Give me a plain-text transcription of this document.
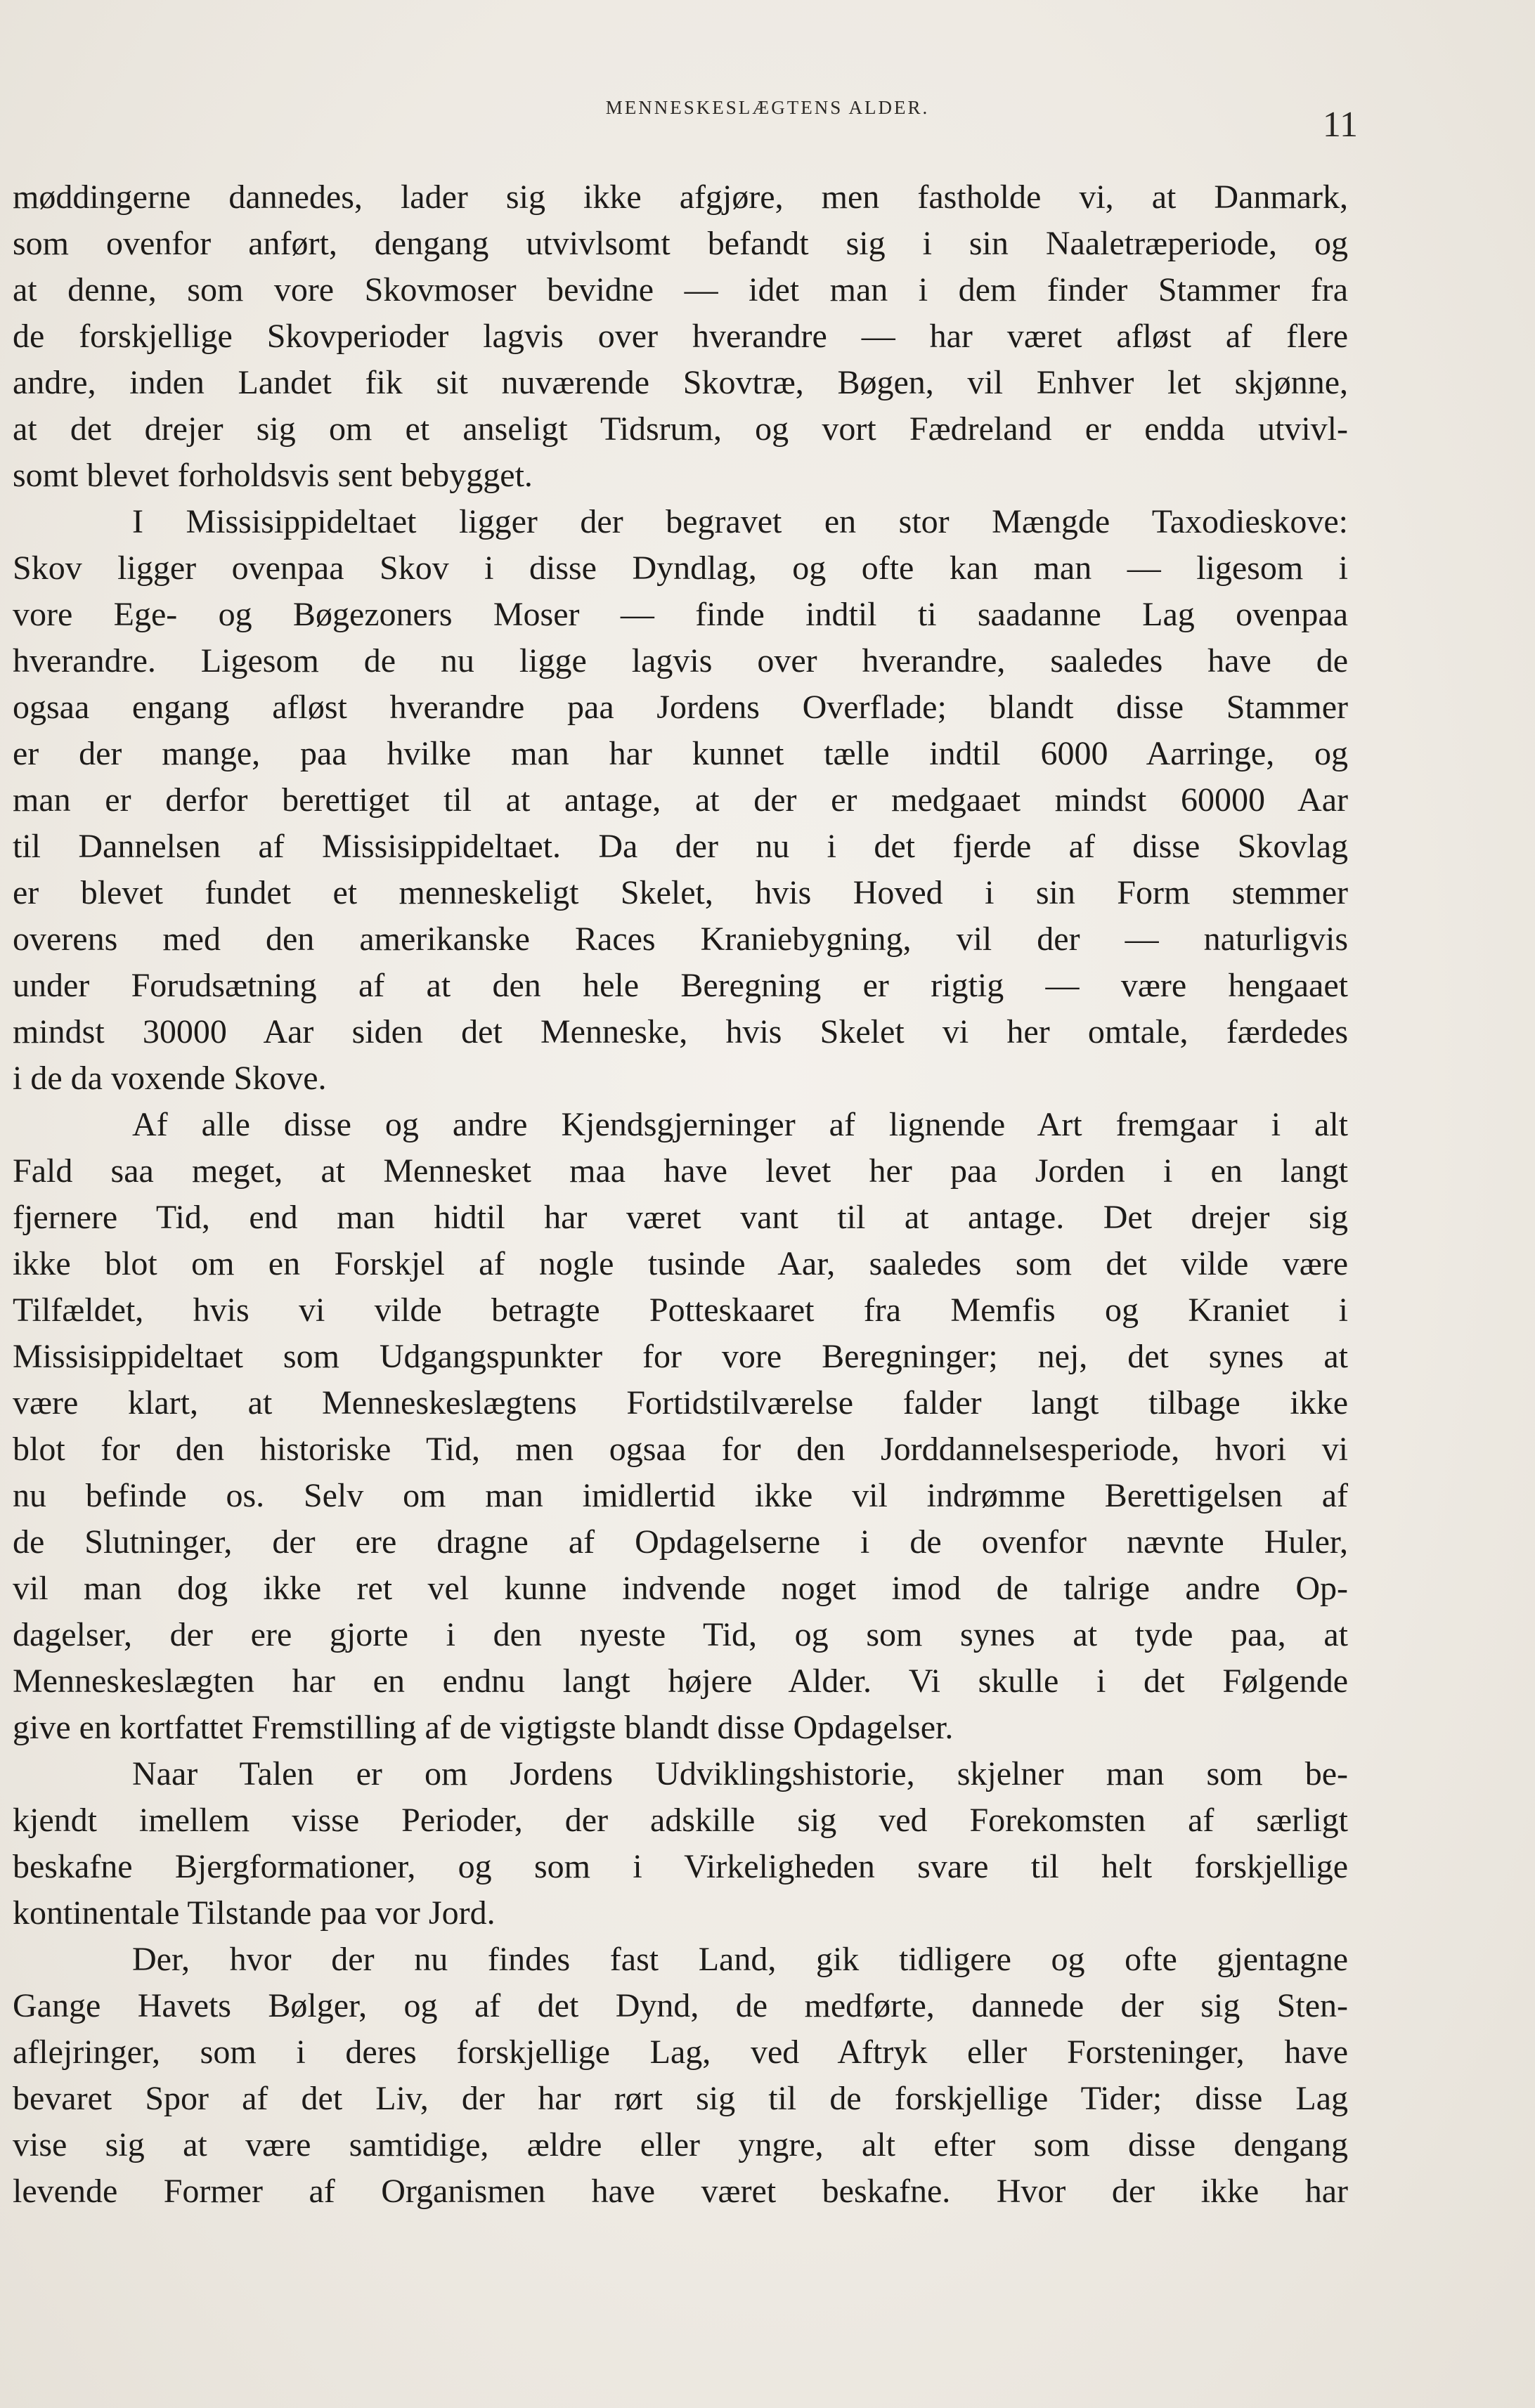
MENNESKESLÆGTENS ALDER.	11
møddingerne dannedes, lader sig ikke afgjøre, men fastholde vi, at Danmark,
som ovenfor anført, dengang utvivlsomt befandt sig i sin Naaletræperiode, og
at denne, som vore Skovmoser bevidne — idet man i dem finder Stammer fra
de forskjellige Skovperioder lagvis over hverandre — har været afløst af flere
andre, inden Landet fik sit nuværende Skovtræ, Bøgen, vil Enhver let skjønne,
at det drejer sig om et anseligt Tidsrum, og vort Fædreland er endda utvivl-
somt blevet forholdsvis sent bebygget.
I Missisippideltaet ligger der begravet en stor Mængde Taxodieskove:
Skov ligger ovenpaa Skov i disse Dyndlag, og ofte kan man — ligesom i
vore Ege- og Bøgezoners Moser — finde indtil ti saadanne Lag ovenpaa
hverandre. Ligesom de nu ligge lagvis over hverandre, saaledes have de
ogsaa engang afløst hverandre paa Jordens Overflade; blandt disse Stammer
er der mange, paa hvilke man har kunnet tælle indtil 6000 Aarringe, og
man er derfor berettiget til at antage, at der er medgaaet mindst 60000 Aar
til Dannelsen af Missisippideltaet. Da der nu i det fjerde af disse Skovlag
er blevet fundet et menneskeligt Skelet, hvis Hoved i sin Form stemmer
overens med den amerikanske Races Kraniebygning, vil der — naturligvis
under Forudsætning af at den hele Beregning er rigtig — være hengaaet
mindst 30000 Aar siden det Menneske, hvis Skelet vi her omtale, færdedes
i de da voxende Skove.
Af alle disse og andre Kjendsgjerninger af lignende Art fremgaar i alt
Fald saa meget, at Mennesket maa have levet her paa Jorden i en langt
fjernere Tid, end man hidtil har været vant til at antage. Det drejer sig
ikke blot om en Forskjel af nogle tusinde Aar, saaledes som det vilde være
Tilfældet, hvis vi vilde betragte Potteskaaret fra Memfis og Kraniet i
Missisippideltaet som Udgangspunkter for vore Beregninger; nej, det synes at
være klart, at Menneskeslægtens Fortidstilværelse falder langt tilbage ikke
blot for den historiske Tid, men ogsaa for den Jorddannelsesperiode, hvori vi
nu befinde os. Selv om man imidlertid ikke vil indrømme Berettigelsen af
de Slutninger, der ere dragne af Opdagelserne i de ovenfor nævnte Huler,
vil man dog ikke ret vel kunne indvende noget imod de talrige andre Op-
dagelser, der ere gjorte i den nyeste Tid, og som synes at tyde paa, at
Menneskeslægten har en endnu langt højere Alder. Vi skulle i det Følgende
give en kortfattet Fremstilling af de vigtigste blandt disse Opdagelser.
Naar Talen er om Jordens Udviklingshistorie, skjelner man som be-
kjendt imellem visse Perioder, der adskille sig ved Forekomsten af særligt
beskafne Bjergformationer, og som i Virkeligheden svare til helt forskjellige
kontinentale Tilstande paa vor Jord.
Der, hvor der nu findes fast Land, gik tidligere og ofte gjentagne
Gange Havets Bølger, og af det Dynd, de medførte, dannede der sig Sten-
aflejringer, som i deres forskjellige Lag, ved Aftryk eller Forsteninger, have
bevaret Spor af det Liv, der har rørt sig til de forskjellige Tider; disse Lag
vise sig at være samtidige, ældre eller yngre, alt efter som disse dengang
levende Former af Organismen have været beskafne. Hvor der ikke har
